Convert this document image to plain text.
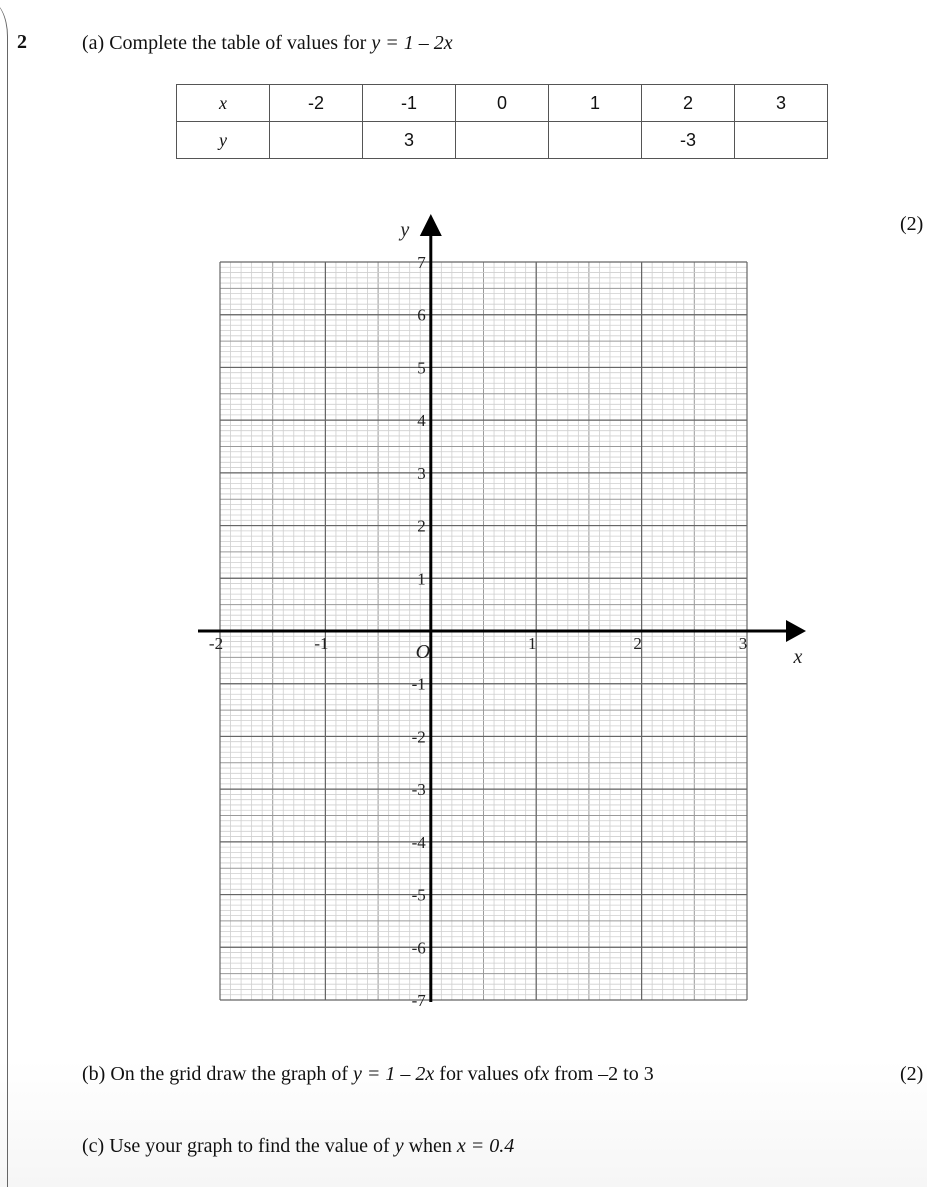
2	(a) Complete the table of values for y = 1 – 2x
x	-2	-1	0	1	2	3
y		3			-3	
(2)
-2	-1	1	2	3
7
6
5
4
3
2
1
-1
-2
-3
-4
-5
-6
-7
O
y
x
(b) On the grid draw the graph of y = 1 – 2x for values ofx from –2 to 3	(2)
(c) Use your graph to find the value of y when x = 0.4
